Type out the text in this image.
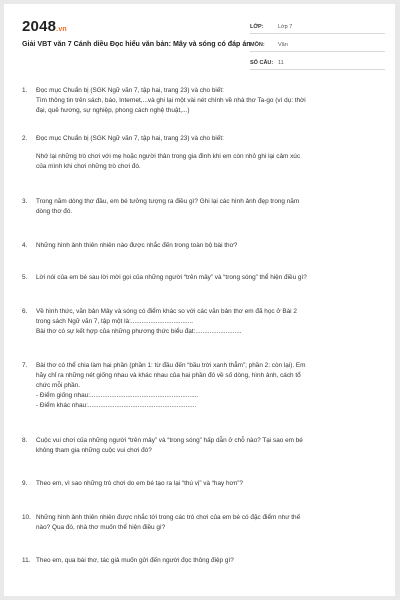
2048.vn
Giải VBT văn 7 Cánh diều Đọc hiểu văn bản: Mây và sóng có đáp án
LỚP:	Lớp 7
MÔN:	Văn
SỐ CÂU: 11
1.	Đọc mục Chuẩn bị (SGK Ngữ văn 7, tập hai, trang 23) và cho biết:
Tìm thông tin trên sách, báo, Internet,...và ghi lại một vài nét chính về nhà thơ Ta-go (ví dụ: thời
đại, quê hương, sự nghiệp, phong cách nghệ thuật,...)
2.	Đọc mục Chuẩn bị (SGK Ngữ văn 7, tập hai, trang 23) và cho biết:
Nhớ lại những trò chơi với mẹ hoặc người thân trong gia đình khi em còn nhỏ ghi lại cảm xúc
của mình khi chơi những trò chơi đó.
3.	Trong năm dòng thơ đầu, em bé tưởng tượng ra điều gì? Ghi lại các hình ảnh đẹp trong năm
dòng thơ đó.
4.	Những hình ảnh thiên nhiên nào được nhắc đến trong toàn bộ bài thơ?
5.	Lời nói của em bé sau lời mời gọi của những người “trên mây” và “trong sóng” thể hiện điều gì?
6.	Về hình thức, văn bản Mây và sóng có điểm khác so với các văn bản thơ em đã học ở Bài 2
trong sách Ngữ văn 7, tập một là:...................................
Bài thơ có sự kết hợp của những phương thức biểu đạt:..........................
7.	Bài thơ có thể chia làm hai phần (phần 1: từ đầu đến “bầu trời xanh thẳm”; phần 2: còn lại). Em
hãy chỉ ra những nét giống nhau và khác nhau của hai phần đó về số dòng, hình ảnh, cách tổ
chức mỗi phần.
- Điểm giống nhau:.............................................................
- Điểm khác nhau:.............................................................
8.	Cuộc vui chơi của những người “trên mây” và “trong sóng” hấp dẫn ở chỗ nào? Tại sao em bé
không tham gia những cuộc vui chơi đó?
9.	Theo em, vì sao những trò chơi do em bé tạo ra lại “thú vị” và “hay hơn”?
10. Những hình ảnh thiên nhiên được nhắc tới trong các trò chơi của em bé có đặc điểm như thế
nào? Qua đó, nhà thơ muốn thể hiện điều gì?
11. Theo em, qua bài thơ, tác giả muốn gửi đến người đọc thông điệp gì?
